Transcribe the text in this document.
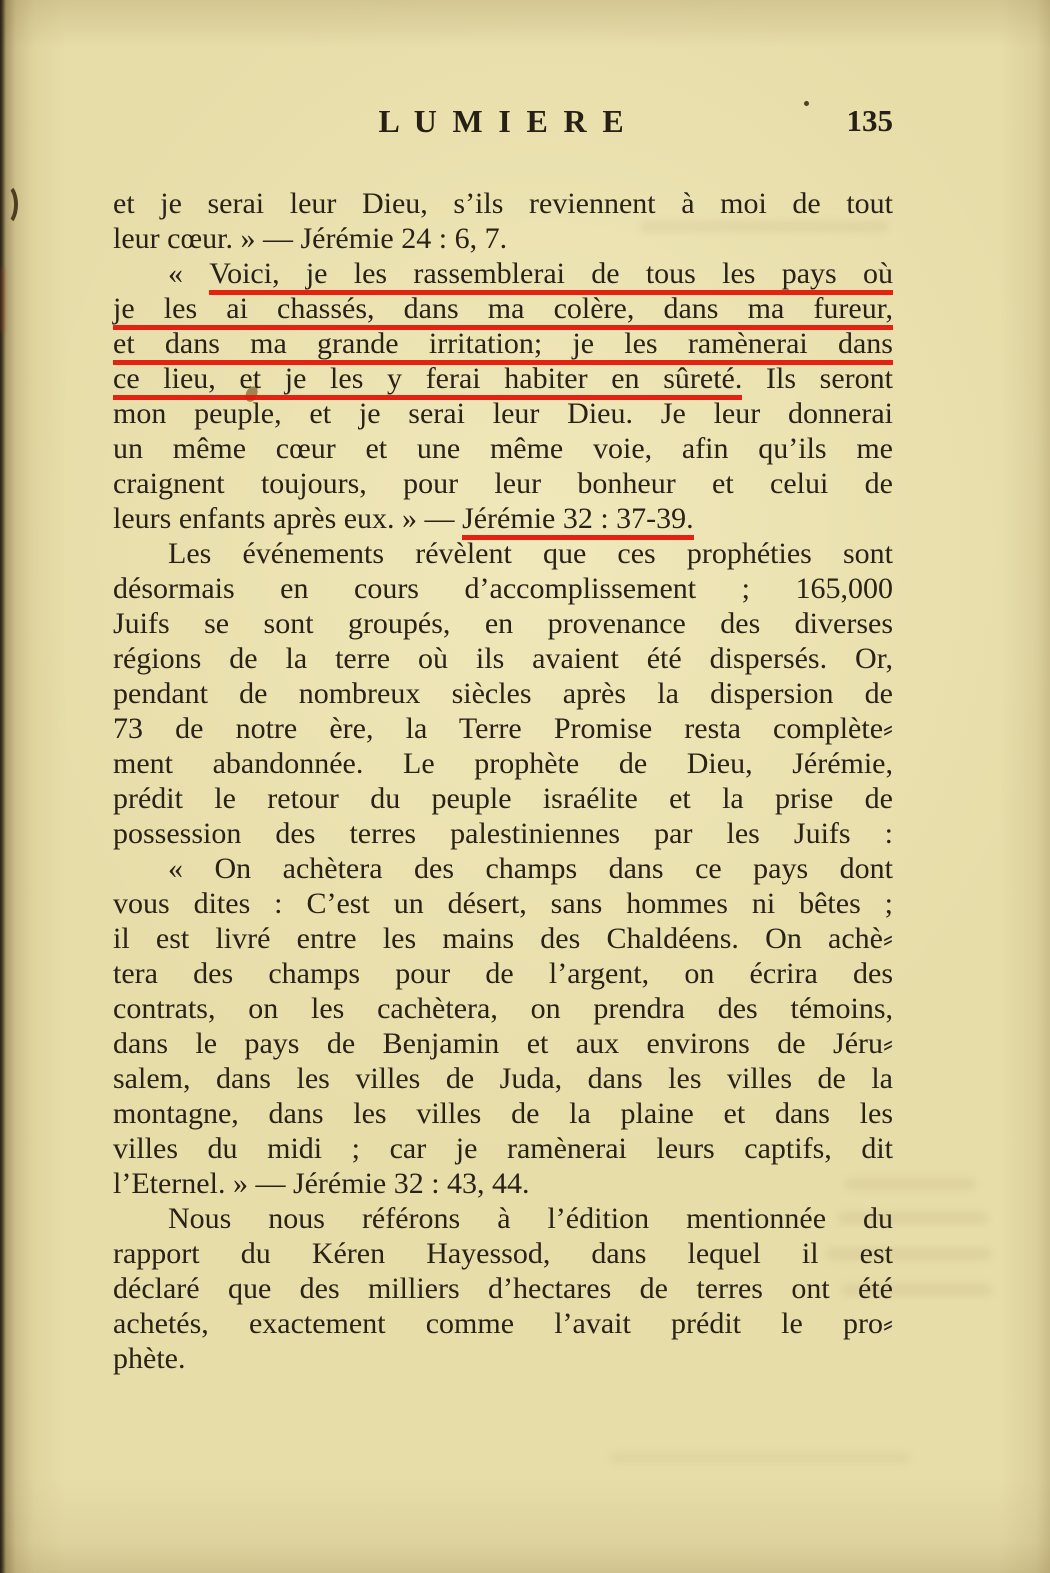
L U M I E R E	135
et je serai leur Dieu, s’ils reviennent à moi de tout
leur cœur. » — Jérémie 24 : 6, 7.
« Voici, je les rassemblerai de tous les pays où
je les ai chassés, dans ma colère, dans ma fureur,
et dans ma grande irritation; je les ramènerai dans
ce lieu, et je les y ferai habiter en sûreté. Ils seront
mon peuple, et je serai leur Dieu. Je leur donnerai
un même cœur et une même voie, afin qu’ils me
craignent toujours, pour leur bonheur et celui de
leurs enfants après eux. » — Jérémie 32 : 37-39.
Les événements révèlent que ces prophéties sont
désormais en cours d’accomplissement ; 165,000
Juifs se sont groupés, en provenance des diverses
régions de la terre où ils avaient été dispersés. Or,
pendant de nombreux siècles après la dispersion de
73 de notre ère, la Terre Promise resta complète⸗
ment abandonnée. Le prophète de Dieu, Jérémie,
prédit le retour du peuple israélite et la prise de
possession des terres palestiniennes par les Juifs :
« On achètera des champs dans ce pays dont
vous dites : C’est un désert, sans hommes ni bêtes ;
il est livré entre les mains des Chaldéens. On achè⸗
tera des champs pour de l’argent, on écrira des
contrats, on les cachètera, on prendra des témoins,
dans le pays de Benjamin et aux environs de Jéru⸗
salem, dans les villes de Juda, dans les villes de la
montagne, dans les villes de la plaine et dans les
villes du midi ; car je ramènerai leurs captifs, dit
l’Eternel. » — Jérémie 32 : 43, 44.
Nous nous référons à l’édition mentionnée du
rapport du Kéren Hayessod, dans lequel il est
déclaré que des milliers d’hectares de terres ont été
achetés, exactement comme l’avait prédit le pro⸗
phète.
